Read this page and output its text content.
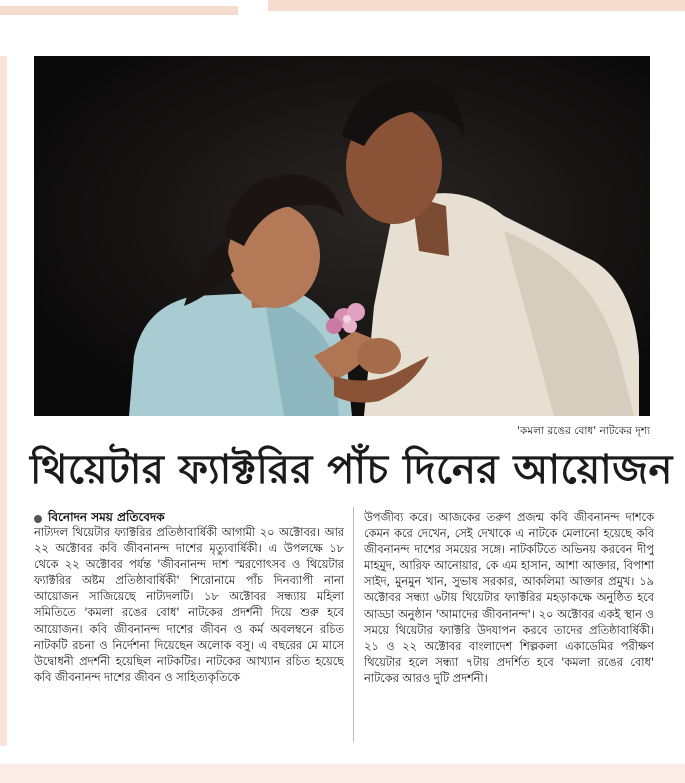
'কমলা রঙের বোধ' নাটকের দৃশ্য
থিয়েটার ফ্যাক্টরির পাঁচ দিনের আয়োজন
বিনোদন সময় প্রতিবেদক

নাট্যদল থিয়েটার ফ্যাক্টরির প্রতিষ্ঠাবার্ষিকী আগামী ২০ অক্টোবর। আর ২২ অক্টোবর কবি জীবনানন্দ দাশের মৃত্যুবার্ষিকী। এ উপলক্ষে ১৮ থেকে ২২ অক্টোবর পর্যন্ত 'জীবনানন্দ দাশ স্মরণোৎসব ও থিয়েটার ফ্যাক্টরির অষ্টম প্রতিষ্ঠাবার্ষিকী' শিরোনামে পাঁচ দিনব্যাপী নানা আয়োজন সাজিয়েছে নাট্যদলটি। ১৮ অক্টোবর সন্ধ্যায় মহিলা সমিতিতে 'কমলা রঙের বোধ' নাটকের প্রদর্শনী দিয়ে শুরু হবে আয়োজন। কবি জীবনানন্দ দাশের জীবন ও কর্ম অবলম্বনে রচিত নাটকটি রচনা ও নির্দেশনা দিয়েছেন অলোক বসু। এ বছরের মে মাসে উদ্বোধনী প্রদর্শনী হয়েছিল নাটকটির। নাটকের আখ্যান রচিত হয়েছে কবি জীবনানন্দ দাশের জীবন ও সাহিত্যকৃতিকে

উপজীব্য করে। আজকের তরুণ প্রজন্ম কবি জীবনানন্দ দাশকে কেমন করে দেখেন, সেই দেখাকে এ নাটকে মেলানো হয়েছে কবি জীবনানন্দ দাশের সময়ের সঙ্গে। নাটকটিতে অভিনয় করবেন দীপু মাহমুদ, আরিফ আনোয়ার, কে এম হাসান, আশা আক্তার, বিপাশা সাইদ, মুনমুন খান, সুভাষ সরকার, আকলিমা আক্তার প্রমুখ। ১৯ অক্টোবর সন্ধ্যা ৬টায় থিয়েটার ফ্যাক্টরির মহড়াকক্ষে অনুষ্ঠিত হবে আড্ডা অনুষ্ঠান 'আমাদের জীবনানন্দ'। ২০ অক্টোবর একই স্থান ও সময়ে থিয়েটার ফ্যাক্টরি উদযাপন করবে তাদের প্রতিষ্ঠাবার্ষিকী। ২১ ও ২২ অক্টোবর বাংলাদেশ শিল্পকলা একাডেমির পরীক্ষণ থিয়েটার হলে সন্ধ্যা ৭টায় প্রদর্শিত হবে 'কমলা রঙের বোধ' নাটকের আরও দুটি প্রদর্শনী।
